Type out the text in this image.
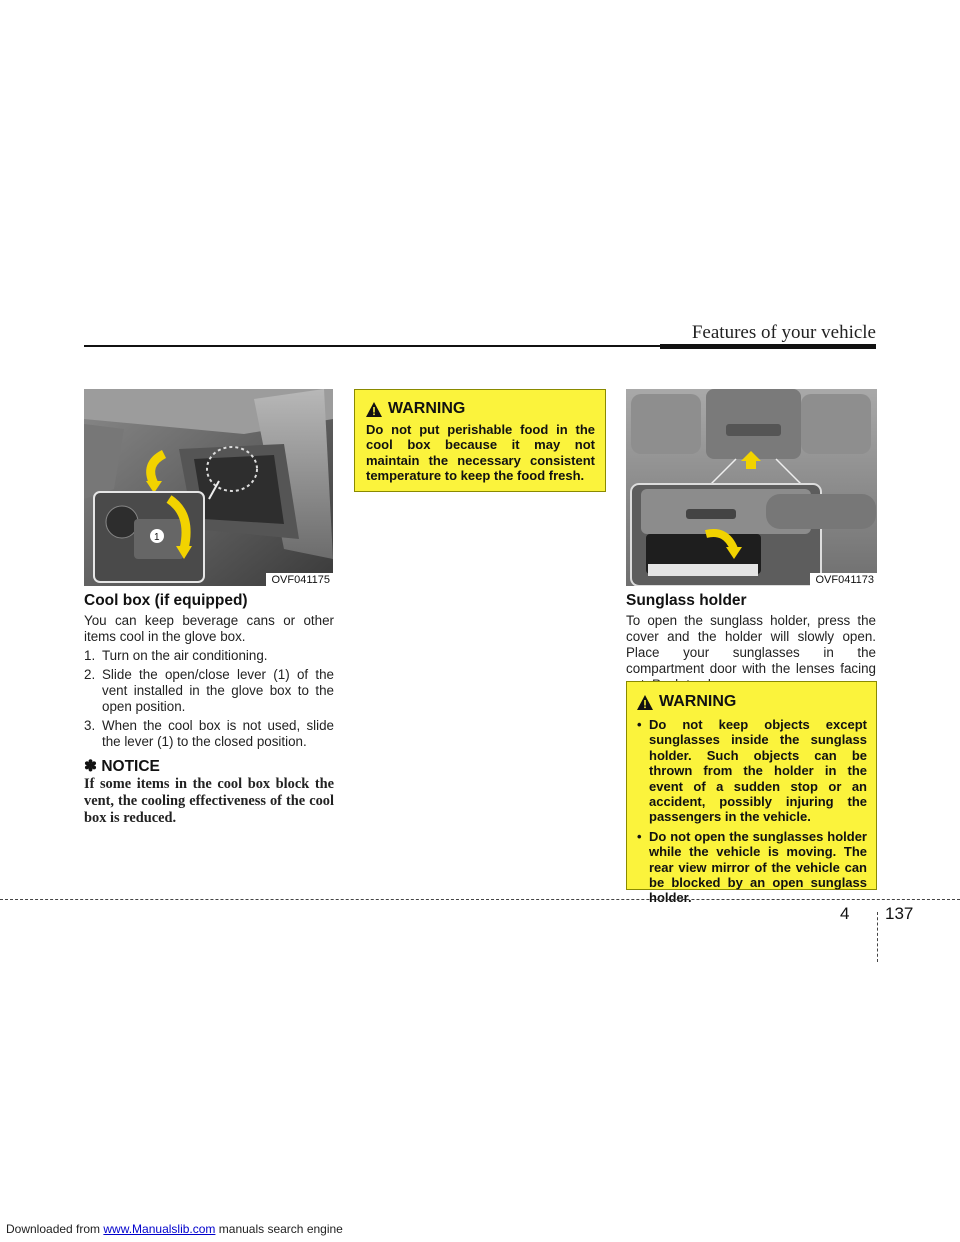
Features of your vehicle
1
OVF041175
Cool box (if equipped)
You can keep beverage cans or other items cool in the glove box.
1. Turn on the air conditioning.
2. Slide the open/close lever (1) of the vent installed in the glove box to the open position.
3. When the cool box is not used, slide the lever (1) to the closed position.
✽ NOTICE
If some items in the cool box block the vent, the cooling effectiveness of the cool box is reduced.
WARNING
Do not put perishable food in the cool box because it may not maintain the necessary consistent temperature to keep the food fresh.
OVF041173
Sunglass holder
To open the sunglass holder, press the cover and the holder will slowly open. Place your sunglasses in the compartment door with the lenses facing
WARNING
• Do not keep objects except sunglasses inside the sunglass holder. Such objects can be thrown from the holder in the event of a sudden stop or an accident, possibly injuring the passengers in the vehicle.
• Do not open the sunglasses holder while the vehicle is moving. The rear view mirror of the vehicle can be blocked by an open sunglass holder.
4 137
Downloaded from www.Manualslib.com manuals search engine
